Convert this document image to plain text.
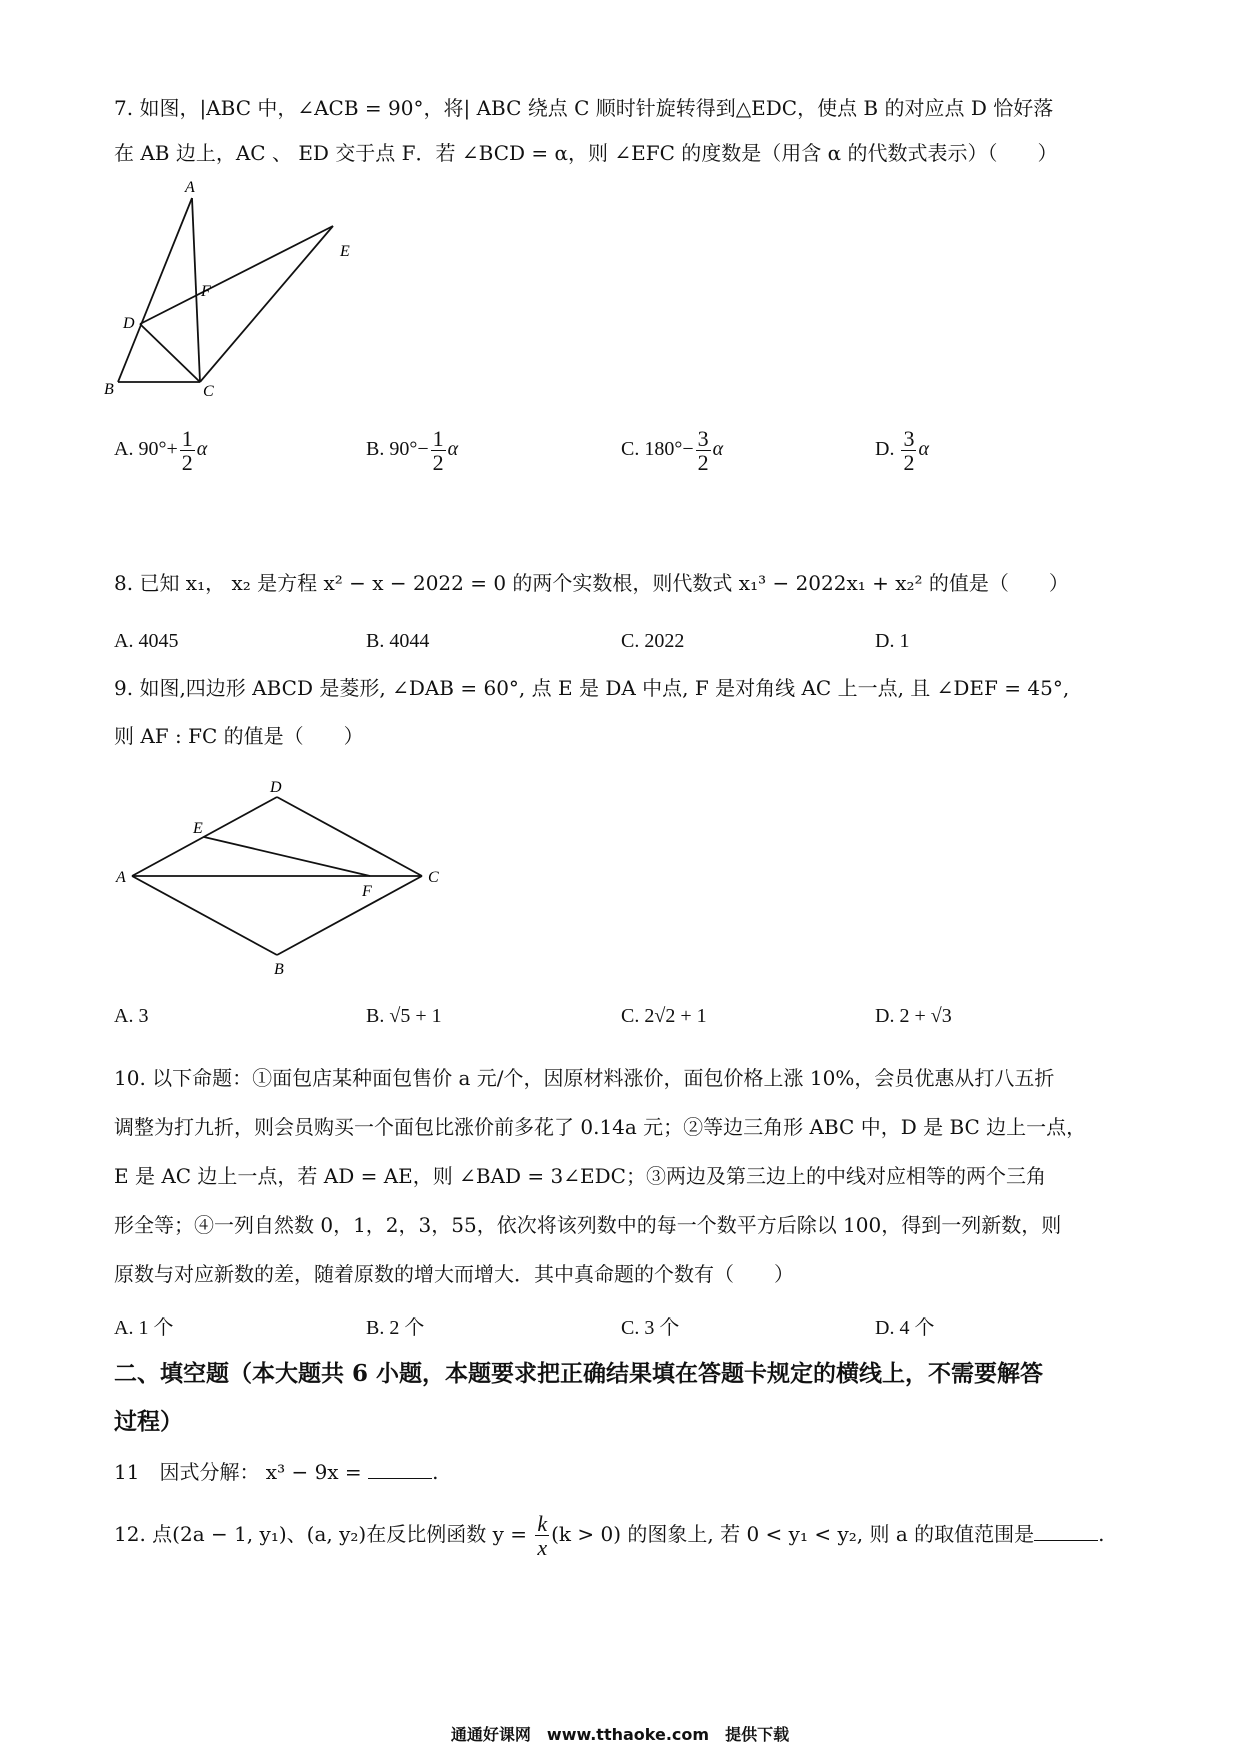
7. 如图，|ABC 中，∠ACB = 90°，将| ABC 绕点 C 顺时针旋转得到△EDC，使点 B 的对应点 D 恰好落
在 AB 边上，AC 、 ED 交于点 F．若 ∠BCD = α，则 ∠EFC 的度数是（用含 α 的代数式表示）（　　）
A
E
F
D
B	C
A. $90^\circ+ \frac{1}{2}$ α	B. $90^\circ- \frac{1}{2}$ α	C. $180^\circ- \frac{3}{2}$ α	D. $\frac{3}{2}$ α
8. 已知 x₁， x₂ 是方程 x² − x − 2022 = 0 的两个实数根，则代数式 x₁³ − 2022x₁ + x₂² 的值是（　　）
A. 4045	B. 4044	C. 2022	D. 1
9. 如图,四边形 ABCD 是菱形, ∠DAB = 60°, 点 E 是 DA 中点, F 是对角线 AC 上一点, 且 ∠DEF = 45°,
则 AF : FC 的值是（　　）
D
E
A	C
F
B
A. 3	B. √5 + 1	C. 2√2 + 1	D. 2 + √3
10. 以下命题：①面包店某种面包售价 a 元/个，因原材料涨价，面包价格上涨 10%，会员优惠从打八五折
调整为打九折，则会员购买一个面包比涨价前多花了 0.14a 元；②等边三角形 ABC 中，D 是 BC 边上一点，
E 是 AC 边上一点，若 AD = AE，则 ∠BAD = 3∠EDC；③两边及第三边上的中线对应相等的两个三角
形全等；④一列自然数 0，1，2，3，55，依次将该列数中的每一个数平方后除以 100，得到一列新数，则
原数与对应新数的差，随着原数的增大而增大．其中真命题的个数有（　　）
A. 1 个	B. 2 个	C. 3 个	D. 4 个
二、填空题（本大题共 6 小题，本题要求把正确结果填在答题卡规定的横线上，不需要解答
过程）
11　因式分解： x³ − 9x =	.
12. 点(2a − 1, y₁)、(a, y₂)在反比例函数 $y = \frac{k}{x} (k > 0)$ 的图象上, 若 0 < y₁ < y₂, 则 a 的取值范围是	.
通通好课网　www.tthaoke.com　提供下载
